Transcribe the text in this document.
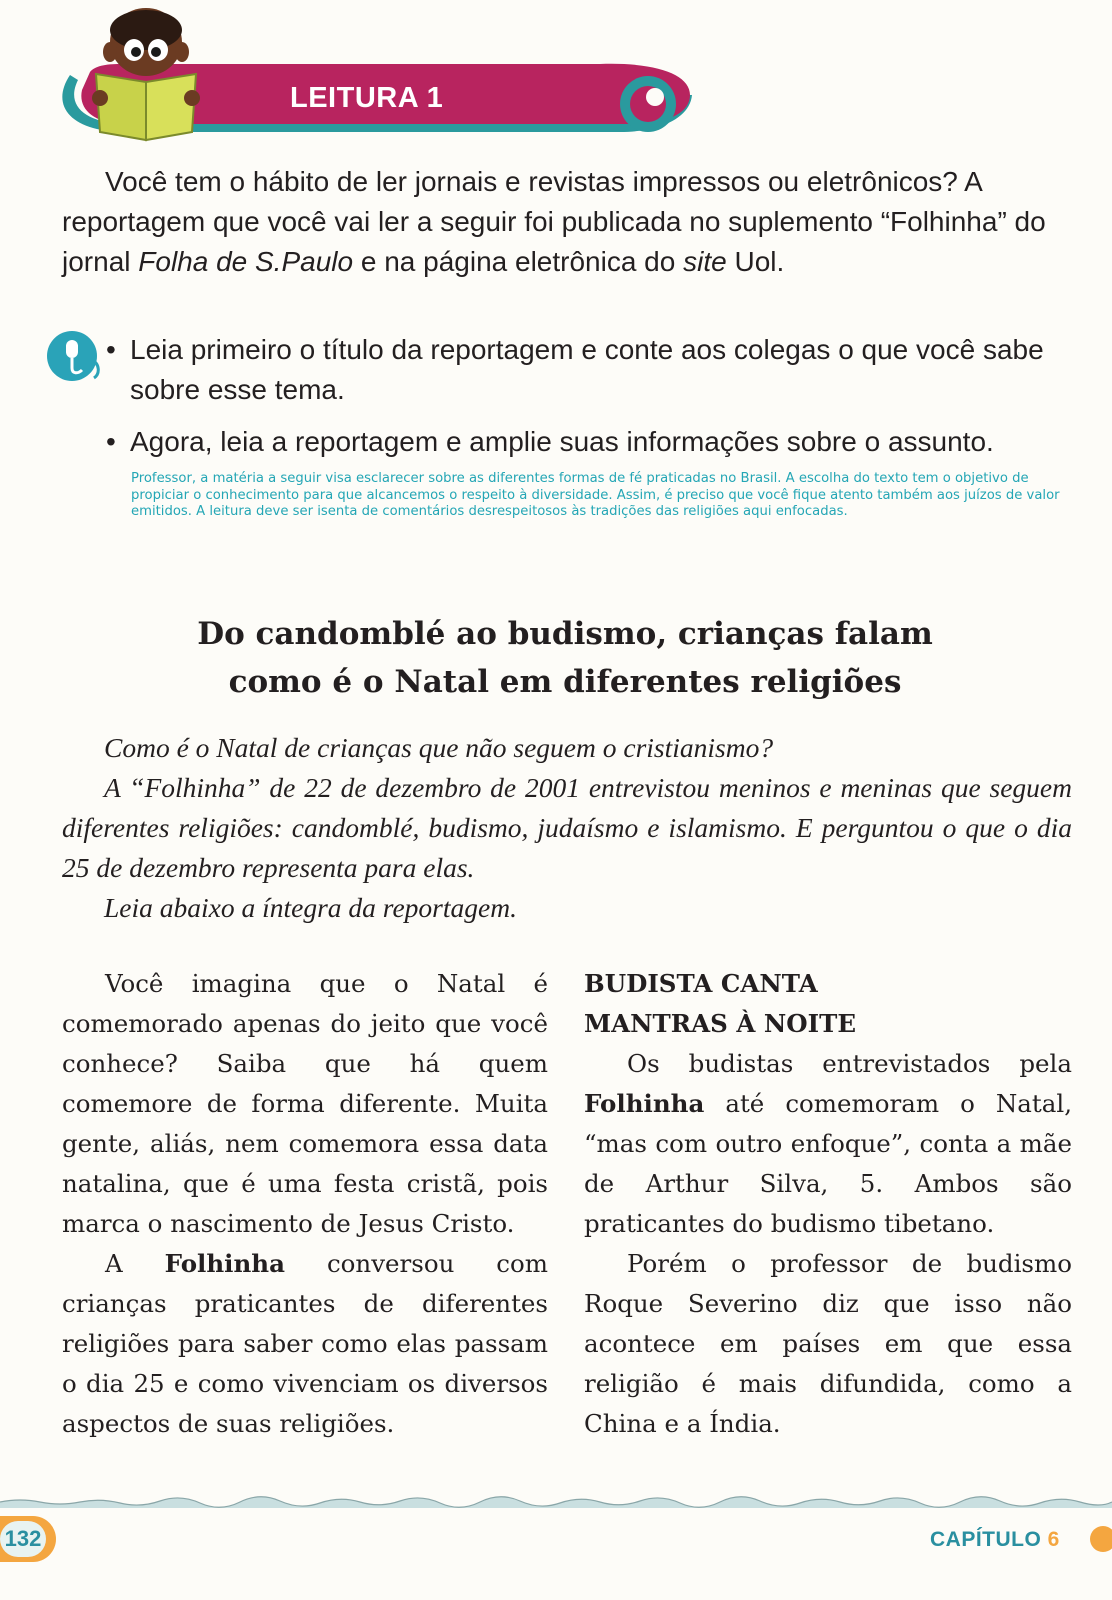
LEITURA 1

Você tem o hábito de ler jornais e revistas impressos ou eletrônicos? A reportagem que você vai ler a seguir foi publicada no suplemento “Folhinha” do jornal Folha de S.Paulo e na página eletrônica do site Uol.

• Leia primeiro o título da reportagem e conte aos colegas o que você sabe sobre esse tema.
• Agora, leia a reportagem e amplie suas informações sobre o assunto.
Professor, a matéria a seguir visa esclarecer sobre as diferentes formas de fé praticadas no Brasil. A escolha do texto tem o objetivo de propiciar o conhecimento para que alcancemos o respeito à diversidade. Assim, é preciso que você fique atento também aos juízos de valor emitidos. A leitura deve ser isenta de comentários desrespeitosos às tradições das religiões aqui enfocadas.
Do candomblé ao budismo, crianças falam
como é o Natal em diferentes religiões

Como é o Natal de crianças que não seguem o cristianismo?

A “Folhinha” de 22 de dezembro de 2001 entrevistou meninos e meninas que seguem diferentes religiões: candomblé, budismo, judaísmo e islamismo. E perguntou o que o dia 25 de dezembro representa para elas.

Leia abaixo a íntegra da reportagem.

Você imagina que o Natal é comemorado apenas do jeito que você conhece? Saiba que há quem comemore de forma diferente. Muita gente, aliás, nem comemora essa data natalina, que é uma festa cristã, pois marca o nascimento de Jesus Cristo.

A Folhinha conversou com crianças praticantes de diferentes religiões para saber como elas passam o dia 25 e como vivenciam os diversos aspectos de suas religiões.

BUDISTA CANTA
MANTRAS À NOITE

Os budistas entrevistados pela Folhinha até comemoram o Natal, “mas com outro enfoque”, conta a mãe de Arthur Silva, 5. Ambos são praticantes do budismo tibetano.

Porém o professor de budismo Roque Severino diz que isso não acontece em países em que essa religião é mais difundida, como a China e a Índia.

132	CAPÍTULO 6
